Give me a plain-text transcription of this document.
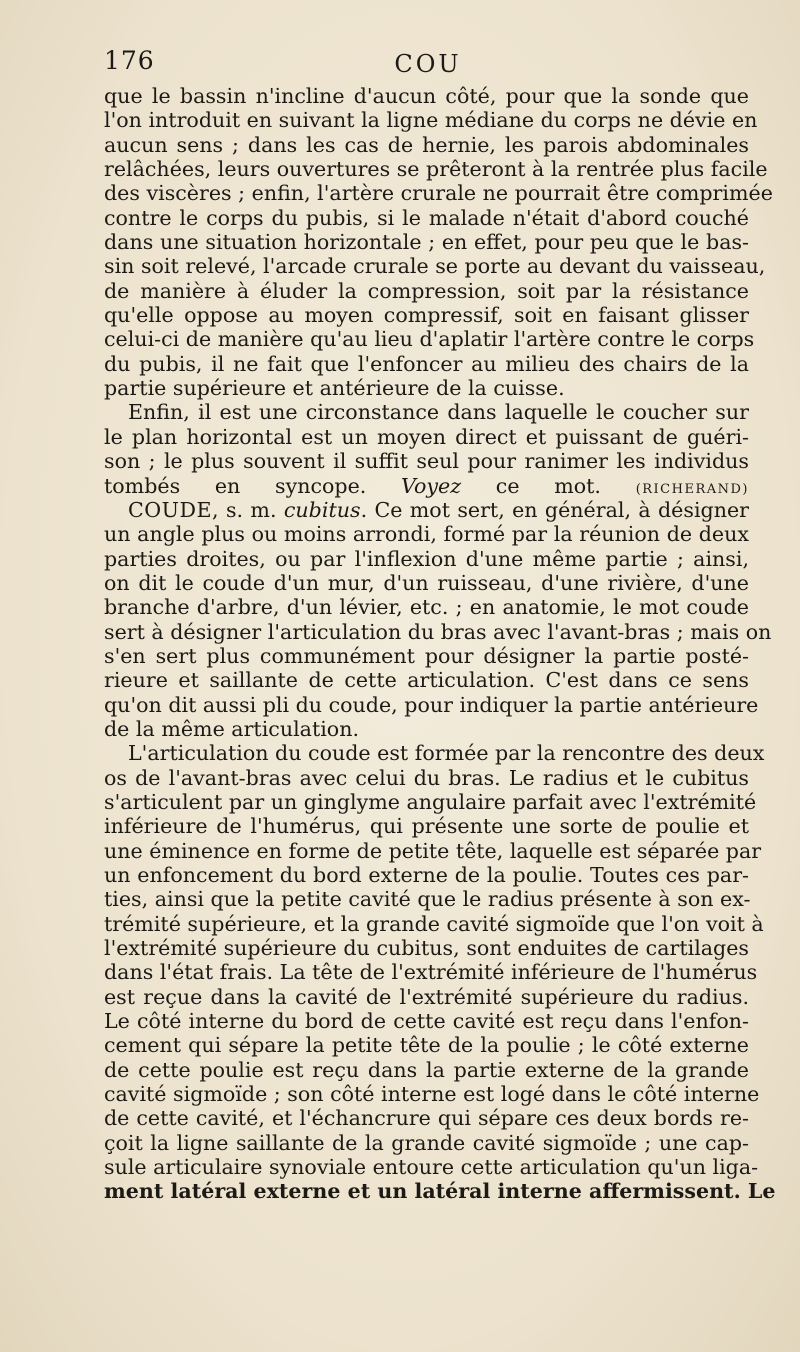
176	COU
que le bassin n'incline d'aucun côté, pour que la sonde que
l'on introduit en suivant la ligne médiane du corps ne dévie en
aucun sens ; dans les cas de hernie, les parois abdominales
relâchées, leurs ouvertures se prêteront à la rentrée plus facile
des viscères ; enfin, l'artère crurale ne pourrait être comprimée
contre le corps du pubis, si le malade n'était d'abord couché
dans une situation horizontale ; en effet, pour peu que le bas-
sin soit relevé, l'arcade crurale se porte au devant du vaisseau,
de manière à éluder la compression, soit par la résistance
qu'elle oppose au moyen compressif, soit en faisant glisser
celui-ci de manière qu'au lieu d'aplatir l'artère contre le corps
du pubis, il ne fait que l'enfoncer au milieu des chairs de la
partie supérieure et antérieure de la cuisse.
Enfin, il est une circonstance dans laquelle le coucher sur
le plan horizontal est un moyen direct et puissant de guéri-
son ; le plus souvent il suffit seul pour ranimer les individus
tombés en syncope. Voyez ce mot. (RICHERAND)
COUDE, s. m. cubitus. Ce mot sert, en général, à désigner
un angle plus ou moins arrondi, formé par la réunion de deux
parties droites, ou par l'inflexion d'une même partie ; ainsi,
on dit le coude d'un mur, d'un ruisseau, d'une rivière, d'une
branche d'arbre, d'un lévier, etc. ; en anatomie, le mot coude
sert à désigner l'articulation du bras avec l'avant-bras ; mais on
s'en sert plus communément pour désigner la partie posté-
rieure et saillante de cette articulation. C'est dans ce sens
qu'on dit aussi pli du coude, pour indiquer la partie antérieure
de la même articulation.
L'articulation du coude est formée par la rencontre des deux
os de l'avant-bras avec celui du bras. Le radius et le cubitus
s'articulent par un ginglyme angulaire parfait avec l'extrémité
inférieure de l'humérus, qui présente une sorte de poulie et
une éminence en forme de petite tête, laquelle est séparée par
un enfoncement du bord externe de la poulie. Toutes ces par-
ties, ainsi que la petite cavité que le radius présente à son ex-
trémité supérieure, et la grande cavité sigmoïde que l'on voit à
l'extrémité supérieure du cubitus, sont enduites de cartilages
dans l'état frais. La tête de l'extrémité inférieure de l'humérus
est reçue dans la cavité de l'extrémité supérieure du radius.
Le côté interne du bord de cette cavité est reçu dans l'enfon-
cement qui sépare la petite tête de la poulie ; le côté externe
de cette poulie est reçu dans la partie externe de la grande
cavité sigmoïde ; son côté interne est logé dans le côté interne
de cette cavité, et l'échancrure qui sépare ces deux bords re-
çoit la ligne saillante de la grande cavité sigmoïde ; une cap-
sule articulaire synoviale entoure cette articulation qu'un liga-
ment latéral externe et un latéral interne affermissent. Le
